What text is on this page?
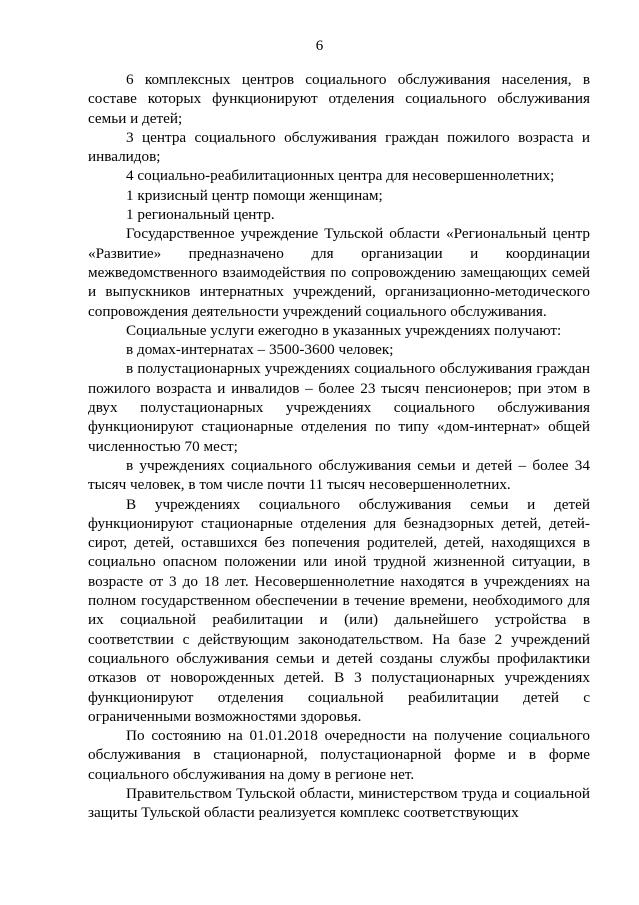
6

6 комплексных центров социального обслуживания населения, в составе которых функционируют отделения социального обслуживания семьи и детей;

3 центра социального обслуживания граждан пожилого возраста и инвалидов;

4 социально-реабилитационных центра для несовершеннолетних;

1 кризисный центр помощи женщинам;

1 региональный центр.

Государственное учреждение Тульской области «Региональный центр «Развитие» предназначено для организации и координации межведомственного взаимодействия по сопровождению замещающих семей и выпускников интернатных учреждений, организационно-методического сопровождения деятельности учреждений социального обслуживания.

Социальные услуги ежегодно в указанных учреждениях получают:

в домах-интернатах – 3500-3600 человек;

в полустационарных учреждениях социального обслуживания граждан пожилого возраста и инвалидов – более 23 тысяч пенсионеров; при этом в двух полустационарных учреждениях социального обслуживания функционируют стационарные отделения по типу «дом-интернат» общей численностью 70 мест;

в учреждениях социального обслуживания семьи и детей – более 34 тысяч человек, в том числе почти 11 тысяч несовершеннолетних.

В учреждениях социального обслуживания семьи и детей функционируют стационарные отделения для безнадзорных детей, детей-сирот, детей, оставшихся без попечения родителей, детей, находящихся в социально опасном положении или иной трудной жизненной ситуации, в возрасте от 3 до 18 лет. Несовершеннолетние находятся в учреждениях на полном государственном обеспечении в течение времени, необходимого для их социальной реабилитации и (или) дальнейшего устройства в соответствии с действующим законодательством. На базе 2 учреждений социального обслуживания семьи и детей созданы службы профилактики отказов от новорожденных детей. В 3 полустационарных учреждениях функционируют отделения социальной реабилитации детей с ограниченными возможностями здоровья.

По состоянию на 01.01.2018 очередности на получение социального обслуживания в стационарной, полустационарной форме и в форме социального обслуживания на дому в регионе нет.

Правительством Тульской области, министерством труда и социальной защиты Тульской области реализуется комплекс соответствующих
